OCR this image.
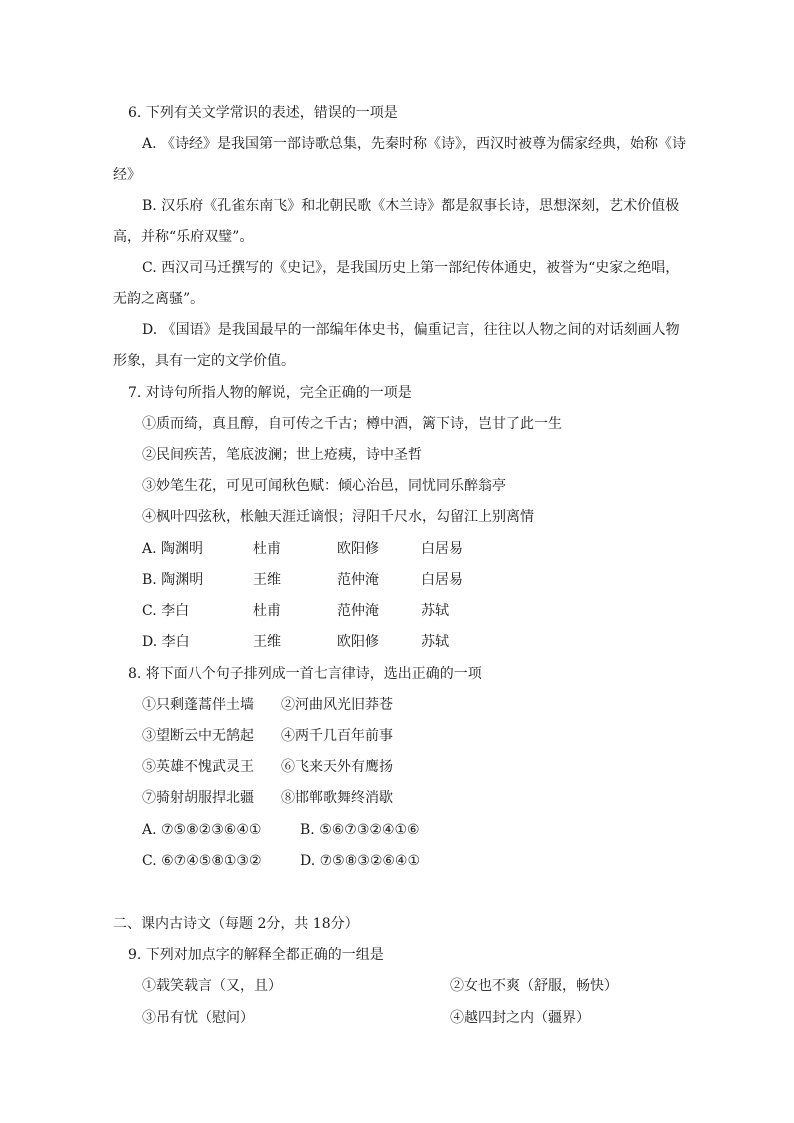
6. 下列有关文学常识的表述，错误的一项是
A. 《诗经》是我国第一部诗歌总集，先秦时称《诗》，西汉时被尊为儒家经典，始称《诗
经》
B. 汉乐府《孔雀东南飞》和北朝民歌《木兰诗》都是叙事长诗，思想深刻，艺术价值极
高，并称“乐府双璧”。
C. 西汉司马迁撰写的《史记》，是我国历史上第一部纪传体通史，被誉为“史家之绝唱，
无韵之离骚”。
D. 《国语》是我国最早的一部编年体史书，偏重记言，往往以人物之间的对话刻画人物
形象，具有一定的文学价值。
7. 对诗句所指人物的解说，完全正确的一项是
①质而绮，真且醇，自可传之千古；樽中酒，篱下诗，岂甘了此一生
②民间疾苦，笔底波澜；世上疮痍，诗中圣哲
③妙笔生花，可见可闻秋色赋：倾心治邑，同忧同乐醉翁亭
④枫叶四弦秋，枨触天涯迁谪恨；浔阳千尺水，勾留江上别离情
A. 陶渊明	杜甫	欧阳修	白居易
B. 陶渊明	王维	范仲淹	白居易
C. 李白	杜甫	范仲淹	苏轼
D. 李白	王维	欧阳修	苏轼
8. 将下面八个句子排列成一首七言律诗，选出正确的一项
①只剩蓬蒿伴土墙 ②河曲风光旧莽苍
③望断云中无鹄起 ④两千几百年前事
⑤英雄不愧武灵王 ⑥飞来天外有鹰扬
⑦骑射胡服捍北疆 ⑧邯郸歌舞终消歇
A. ⑦⑤⑧②③⑥④①	B. ⑤⑥⑦③②④①⑥
C. ⑥⑦④⑤⑧①③②	D. ⑦⑤⑧③②⑥④①
二、课内古诗文（每题 2分，共 18分）
9. 下列对加点字的解释全都正确的一组是
①载笑载言（又，且）	②女也不爽（舒服，畅快）
③吊有忧（慰问）	④越四封之内（疆界）
